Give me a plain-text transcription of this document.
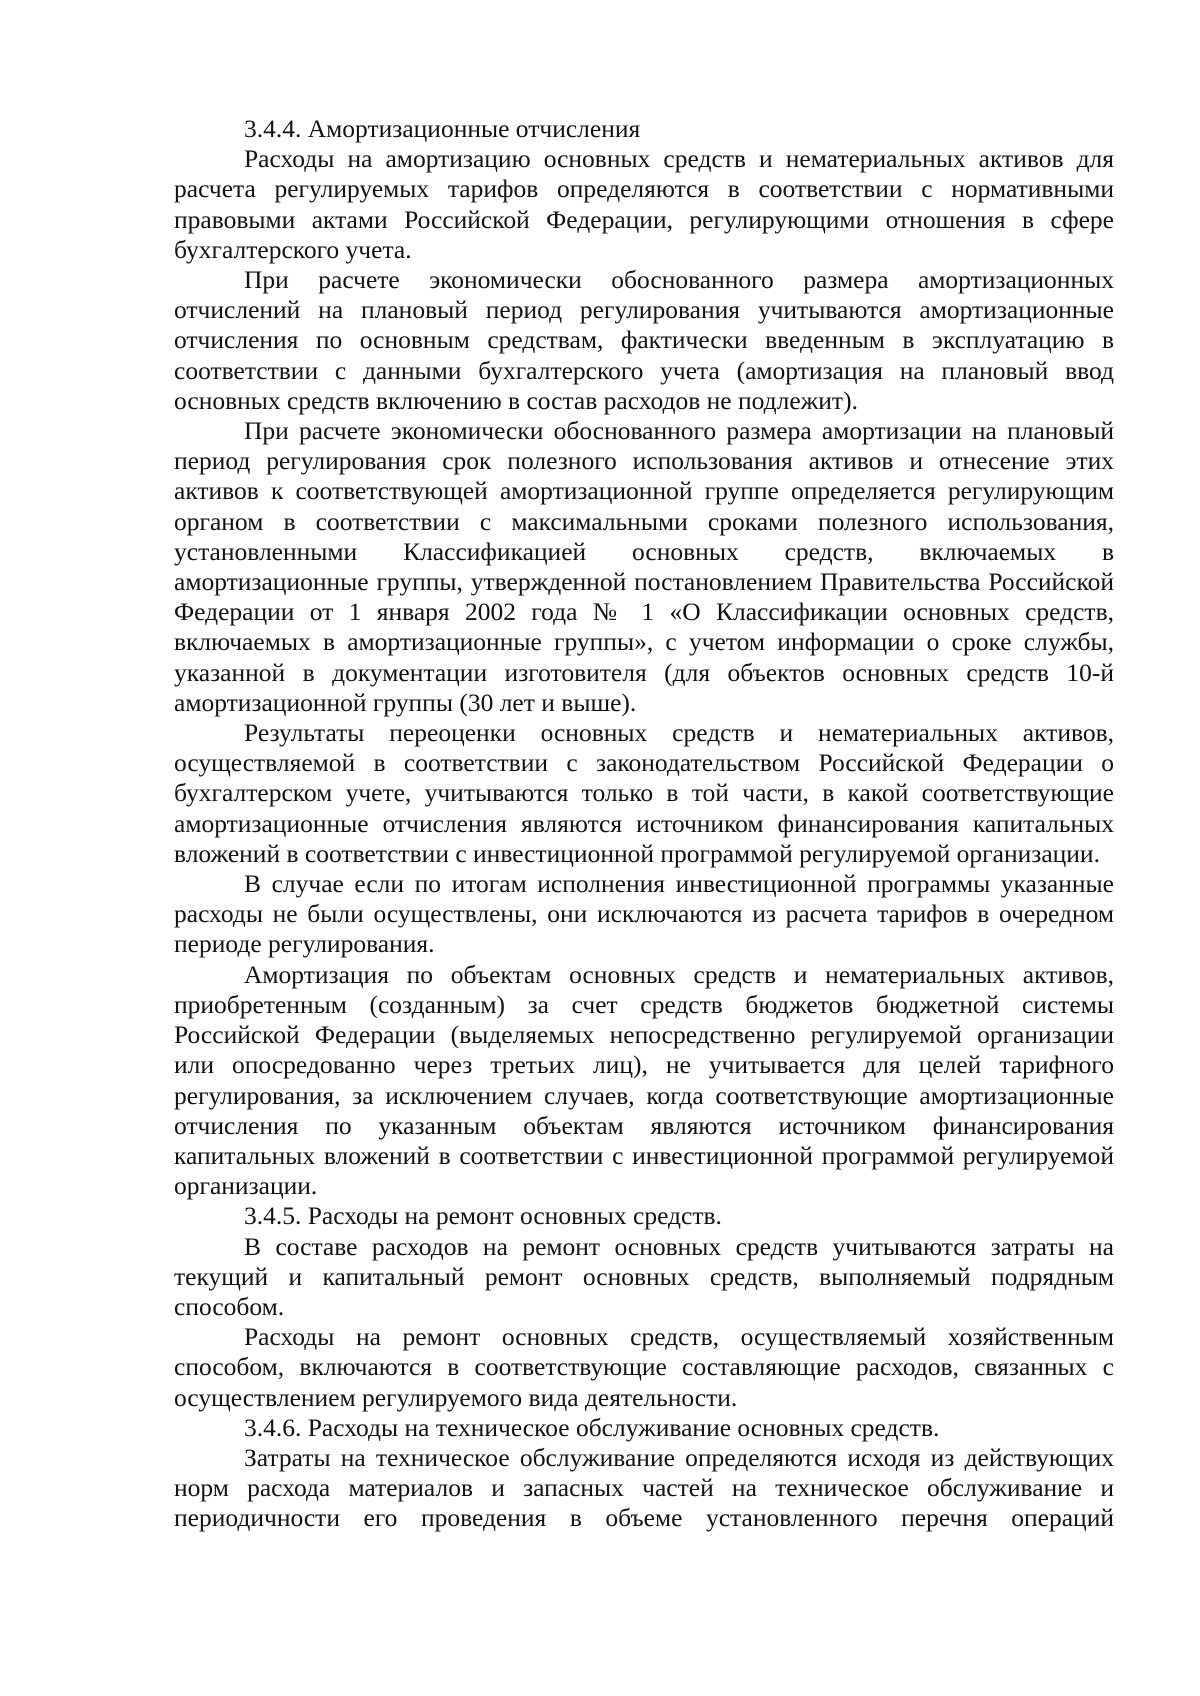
3.4.4. Амортизационные отчисления

Расходы на амортизацию основных средств и нематериальных активов для расчета регулируемых тарифов определяются в соответствии с нормативными правовыми актами Российской Федерации, регулирующими отношения в сфере бухгалтерского учета.

При расчете экономически обоснованного размера амортизационных отчислений на плановый период регулирования учитываются амортизационные отчисления по основным средствам, фактически введенным в эксплуатацию в соответствии с данными бухгалтерского учета (амортизация на плановый ввод основных средств включению в состав расходов не подлежит).

При расчете экономически обоснованного размера амортизации на плановый период регулирования срок полезного использования активов и отнесение этих активов к соответствующей амортизационной группе определяется регулирующим органом в соответствии с максимальными сроками полезного использования, установленными Классификацией основных средств, включаемых в амортизационные группы, утвержденной постановлением Правительства Российской Федерации от 1 января 2002 года № 1 «О Классификации основных средств, включаемых в амортизационные группы», с учетом информации о сроке службы, указанной в документации изготовителя (для объектов основных средств 10-й амортизационной группы (30 лет и выше).

Результаты переоценки основных средств и нематериальных активов, осуществляемой в соответствии с законодательством Российской Федерации о бухгалтерском учете, учитываются только в той части, в какой соответствующие амортизационные отчисления являются источником финансирования капитальных вложений в соответствии с инвестиционной программой регулируемой организации.

В случае если по итогам исполнения инвестиционной программы указанные расходы не были осуществлены, они исключаются из расчета тарифов в очередном периоде регулирования.

Амортизация по объектам основных средств и нематериальных активов, приобретенным (созданным) за счет средств бюджетов бюджетной системы Российской Федерации (выделяемых непосредственно регулируемой организации или опосредованно через третьих лиц), не учитывается для целей тарифного регулирования, за исключением случаев, когда соответствующие амортизационные отчисления по указанным объектам являются источником финансирования капитальных вложений в соответствии с инвестиционной программой регулируемой организации.

3.4.5. Расходы на ремонт основных средств.

В составе расходов на ремонт основных средств учитываются затраты на текущий и капитальный ремонт основных средств, выполняемый подрядным способом.

Расходы на ремонт основных средств, осуществляемый хозяйственным способом, включаются в соответствующие составляющие расходов, связанных с осуществлением регулируемого вида деятельности.

3.4.6. Расходы на техническое обслуживание основных средств.

Затраты на техническое обслуживание определяются исходя из действующих норм расхода материалов и запасных частей на техническое обслуживание и периодичности его проведения в объеме установленного перечня операций
